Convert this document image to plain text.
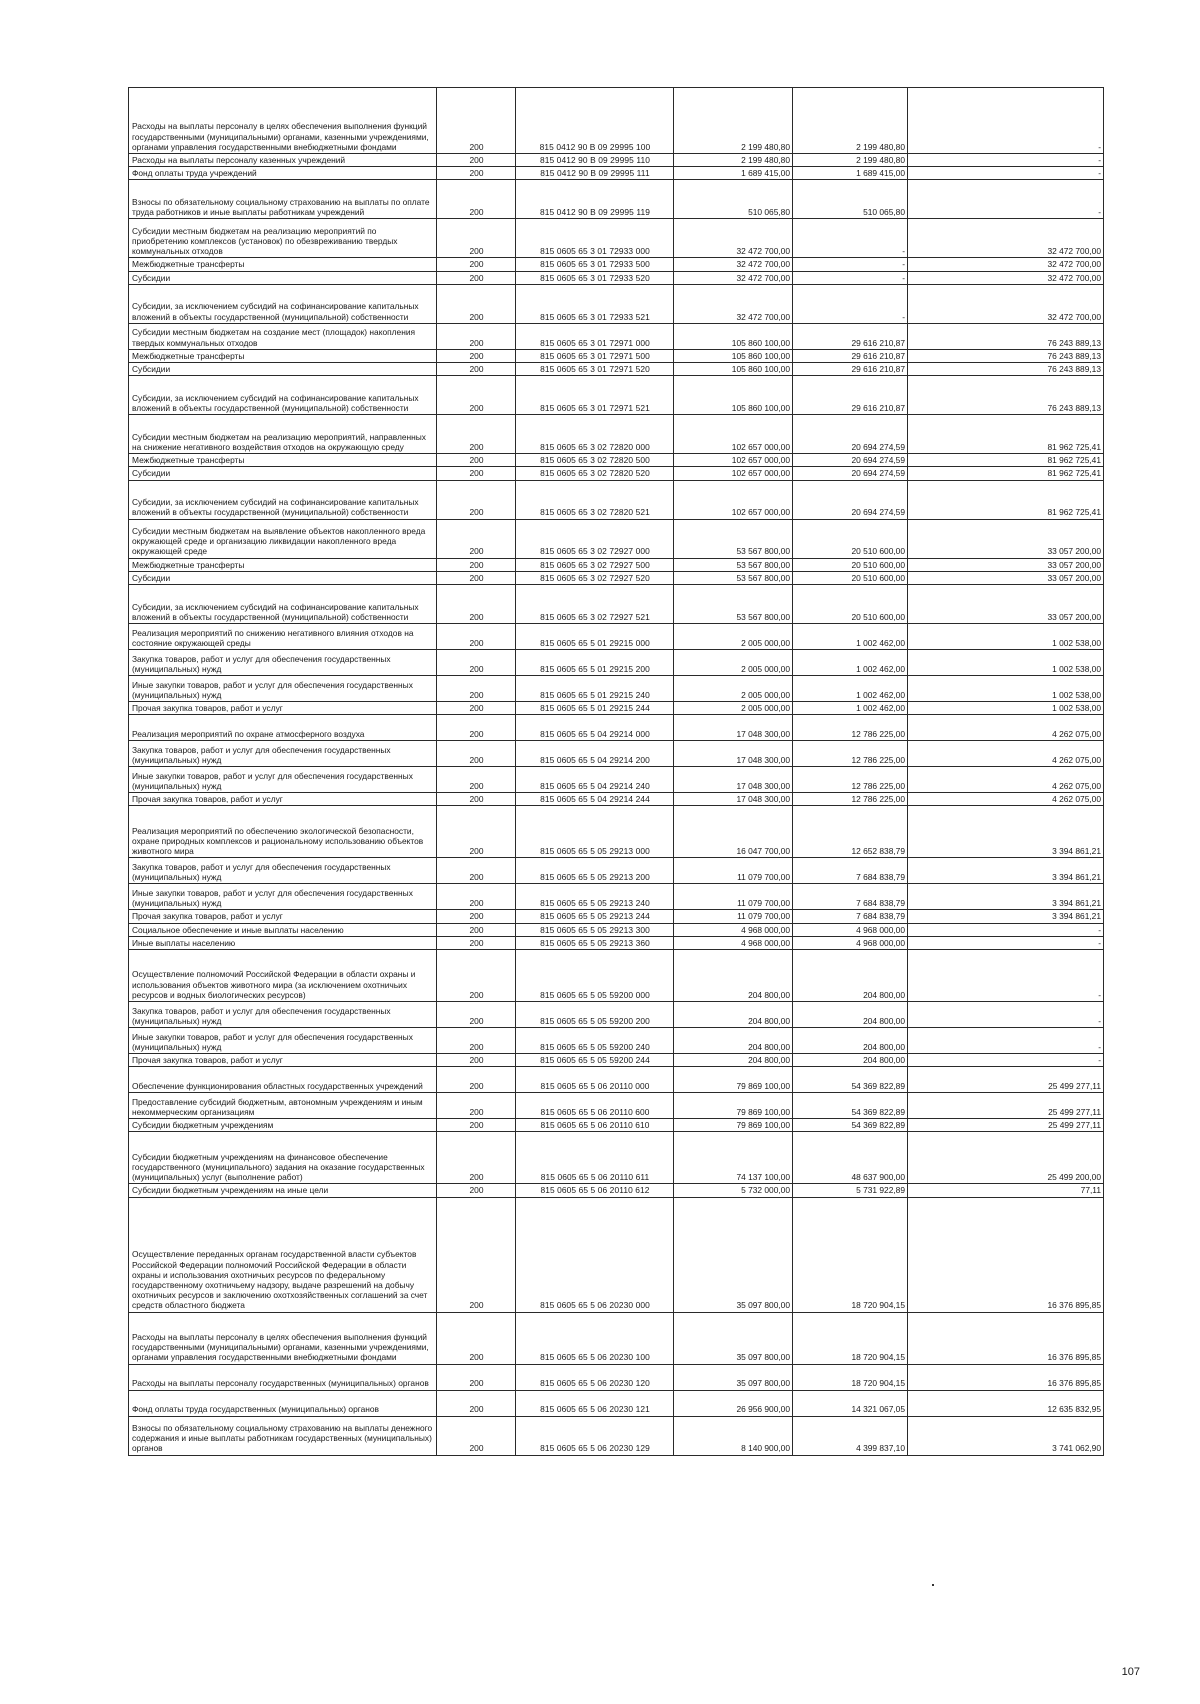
Расходы на выплаты персоналу в целях обеспечения выполнения функций государственными (муниципальными) органами, казенными учреждениями, органами управления государственными внебюджетными фондами	200	815 0412 90 В 09 29995 100	2 199 480,80	2 199 480,80	-
Расходы на выплаты персоналу казенных учреждений	200	815 0412 90 В 09 29995 110	2 199 480,80	2 199 480,80	-
Фонд оплаты труда учреждений	200	815 0412 90 В 09 29995 111	1 689 415,00	1 689 415,00	-
Взносы по обязательному социальному страхованию на выплаты по оплате труда работников и иные выплаты работникам учреждений	200	815 0412 90 В 09 29995 119	510 065,80	510 065,80	-
Субсидии местным бюджетам на реализацию мероприятий по приобретению комплексов (установок) по обезвреживанию твердых коммунальных отходов	200	815 0605 65 3 01 72933 000	32 472 700,00	-	32 472 700,00
Межбюджетные трансферты	200	815 0605 65 3 01 72933 500	32 472 700,00	-	32 472 700,00
Субсидии	200	815 0605 65 3 01 72933 520	32 472 700,00	-	32 472 700,00
Субсидии, за исключением субсидий на софинансирование капитальных вложений в объекты государственной (муниципальной) собственности	200	815 0605 65 3 01 72933 521	32 472 700,00	-	32 472 700,00
Субсидии местным бюджетам на создание мест (площадок) накопления твердых коммунальных отходов	200	815 0605 65 3 01 72971 000	105 860 100,00	29 616 210,87	76 243 889,13
Межбюджетные трансферты	200	815 0605 65 3 01 72971 500	105 860 100,00	29 616 210,87	76 243 889,13
Субсидии	200	815 0605 65 3 01 72971 520	105 860 100,00	29 616 210,87	76 243 889,13
Субсидии, за исключением субсидий на софинансирование капитальных вложений в объекты государственной (муниципальной) собственности	200	815 0605 65 3 01 72971 521	105 860 100,00	29 616 210,87	76 243 889,13
Субсидии местным бюджетам на реализацию мероприятий, направленных на снижение негативного воздействия отходов на окружающую среду	200	815 0605 65 3 02 72820 000	102 657 000,00	20 694 274,59	81 962 725,41
Межбюджетные трансферты	200	815 0605 65 3 02 72820 500	102 657 000,00	20 694 274,59	81 962 725,41
Субсидии	200	815 0605 65 3 02 72820 520	102 657 000,00	20 694 274,59	81 962 725,41
Субсидии, за исключением субсидий на софинансирование капитальных вложений в объекты государственной (муниципальной) собственности	200	815 0605 65 3 02 72820 521	102 657 000,00	20 694 274,59	81 962 725,41
Субсидии местным бюджетам на выявление объектов накопленного вреда окружающей среде и организацию ликвидации накопленного вреда окружающей среде	200	815 0605 65 3 02 72927 000	53 567 800,00	20 510 600,00	33 057 200,00
Межбюджетные трансферты	200	815 0605 65 3 02 72927 500	53 567 800,00	20 510 600,00	33 057 200,00
Субсидии	200	815 0605 65 3 02 72927 520	53 567 800,00	20 510 600,00	33 057 200,00
Субсидии, за исключением субсидий на софинансирование капитальных вложений в объекты государственной (муниципальной) собственности	200	815 0605 65 3 02 72927 521	53 567 800,00	20 510 600,00	33 057 200,00
Реализация мероприятий по снижению негативного влияния отходов на состояние окружающей среды	200	815 0605 65 5 01 29215 000	2 005 000,00	1 002 462,00	1 002 538,00
Закупка товаров, работ и услуг для обеспечения государственных (муниципальных) нужд	200	815 0605 65 5 01 29215 200	2 005 000,00	1 002 462,00	1 002 538,00
Иные закупки товаров, работ и услуг для обеспечения государственных (муниципальных) нужд	200	815 0605 65 5 01 29215 240	2 005 000,00	1 002 462,00	1 002 538,00
Прочая закупка товаров, работ и услуг	200	815 0605 65 5 01 29215 244	2 005 000,00	1 002 462,00	1 002 538,00
Реализация мероприятий по охране атмосферного воздуха	200	815 0605 65 5 04 29214 000	17 048 300,00	12 786 225,00	4 262 075,00
Закупка товаров, работ и услуг для обеспечения государственных (муниципальных) нужд	200	815 0605 65 5 04 29214 200	17 048 300,00	12 786 225,00	4 262 075,00
Иные закупки товаров, работ и услуг для обеспечения государственных (муниципальных) нужд	200	815 0605 65 5 04 29214 240	17 048 300,00	12 786 225,00	4 262 075,00
Прочая закупка товаров, работ и услуг	200	815 0605 65 5 04 29214 244	17 048 300,00	12 786 225,00	4 262 075,00
Реализация мероприятий по обеспечению экологической безопасности, охране природных комплексов и рациональному использованию объектов животного мира	200	815 0605 65 5 05 29213 000	16 047 700,00	12 652 838,79	3 394 861,21
Закупка товаров, работ и услуг для обеспечения государственных (муниципальных) нужд	200	815 0605 65 5 05 29213 200	11 079 700,00	7 684 838,79	3 394 861,21
Иные закупки товаров, работ и услуг для обеспечения государственных (муниципальных) нужд	200	815 0605 65 5 05 29213 240	11 079 700,00	7 684 838,79	3 394 861,21
Прочая закупка товаров, работ и услуг	200	815 0605 65 5 05 29213 244	11 079 700,00	7 684 838,79	3 394 861,21
Социальное обеспечение и иные выплаты населению	200	815 0605 65 5 05 29213 300	4 968 000,00	4 968 000,00	-
Иные выплаты населению	200	815 0605 65 5 05 29213 360	4 968 000,00	4 968 000,00	-
Осуществление полномочий Российской Федерации в области охраны и использования объектов животного мира (за исключением охотничьих ресурсов и водных биологических ресурсов)	200	815 0605 65 5 05 59200 000	204 800,00	204 800,00	-
Закупка товаров, работ и услуг для обеспечения государственных (муниципальных) нужд	200	815 0605 65 5 05 59200 200	204 800,00	204 800,00	-
Иные закупки товаров, работ и услуг для обеспечения государственных (муниципальных) нужд	200	815 0605 65 5 05 59200 240	204 800,00	204 800,00	-
Прочая закупка товаров, работ и услуг	200	815 0605 65 5 05 59200 244	204 800,00	204 800,00	-
Обеспечение функционирования областных государственных учреждений	200	815 0605 65 5 06 20110 000	79 869 100,00	54 369 822,89	25 499 277,11
Предоставление субсидий бюджетным, автономным учреждениям и иным некоммерческим организациям	200	815 0605 65 5 06 20110 600	79 869 100,00	54 369 822,89	25 499 277,11
Субсидии бюджетным учреждениям	200	815 0605 65 5 06 20110 610	79 869 100,00	54 369 822,89	25 499 277,11
Субсидии бюджетным учреждениям на финансовое обеспечение государственного (муниципального) задания на оказание государственных (муниципальных) услуг (выполнение работ)	200	815 0605 65 5 06 20110 611	74 137 100,00	48 637 900,00	25 499 200,00
Субсидии бюджетным учреждениям на иные цели	200	815 0605 65 5 06 20110 612	5 732 000,00	5 731 922,89	77,11
Осуществление переданных органам государственной власти субъектов Российской Федерации полномочий Российской Федерации в области охраны и использования охотничьих ресурсов по федеральному государственному охотничьему надзору, выдаче разрешений на добычу охотничьих ресурсов и заключению охотхозяйственных соглашений за счет средств областного бюджета	200	815 0605 65 5 06 20230 000	35 097 800,00	18 720 904,15	16 376 895,85
Расходы на выплаты персоналу в целях обеспечения выполнения функций государственными (муниципальными) органами, казенными учреждениями, органами управления государственными внебюджетными фондами	200	815 0605 65 5 06 20230 100	35 097 800,00	18 720 904,15	16 376 895,85
Расходы на выплаты персоналу государственных (муниципальных) органов	200	815 0605 65 5 06 20230 120	35 097 800,00	18 720 904,15	16 376 895,85
Фонд оплаты труда государственных (муниципальных) органов	200	815 0605 65 5 06 20230 121	26 956 900,00	14 321 067,05	12 635 832,95
Взносы по обязательному социальному страхованию на выплаты денежного содержания и иные выплаты работникам государственных (муниципальных) органов	200	815 0605 65 5 06 20230 129	8 140 900,00	4 399 837,10	3 741 062,90
107
